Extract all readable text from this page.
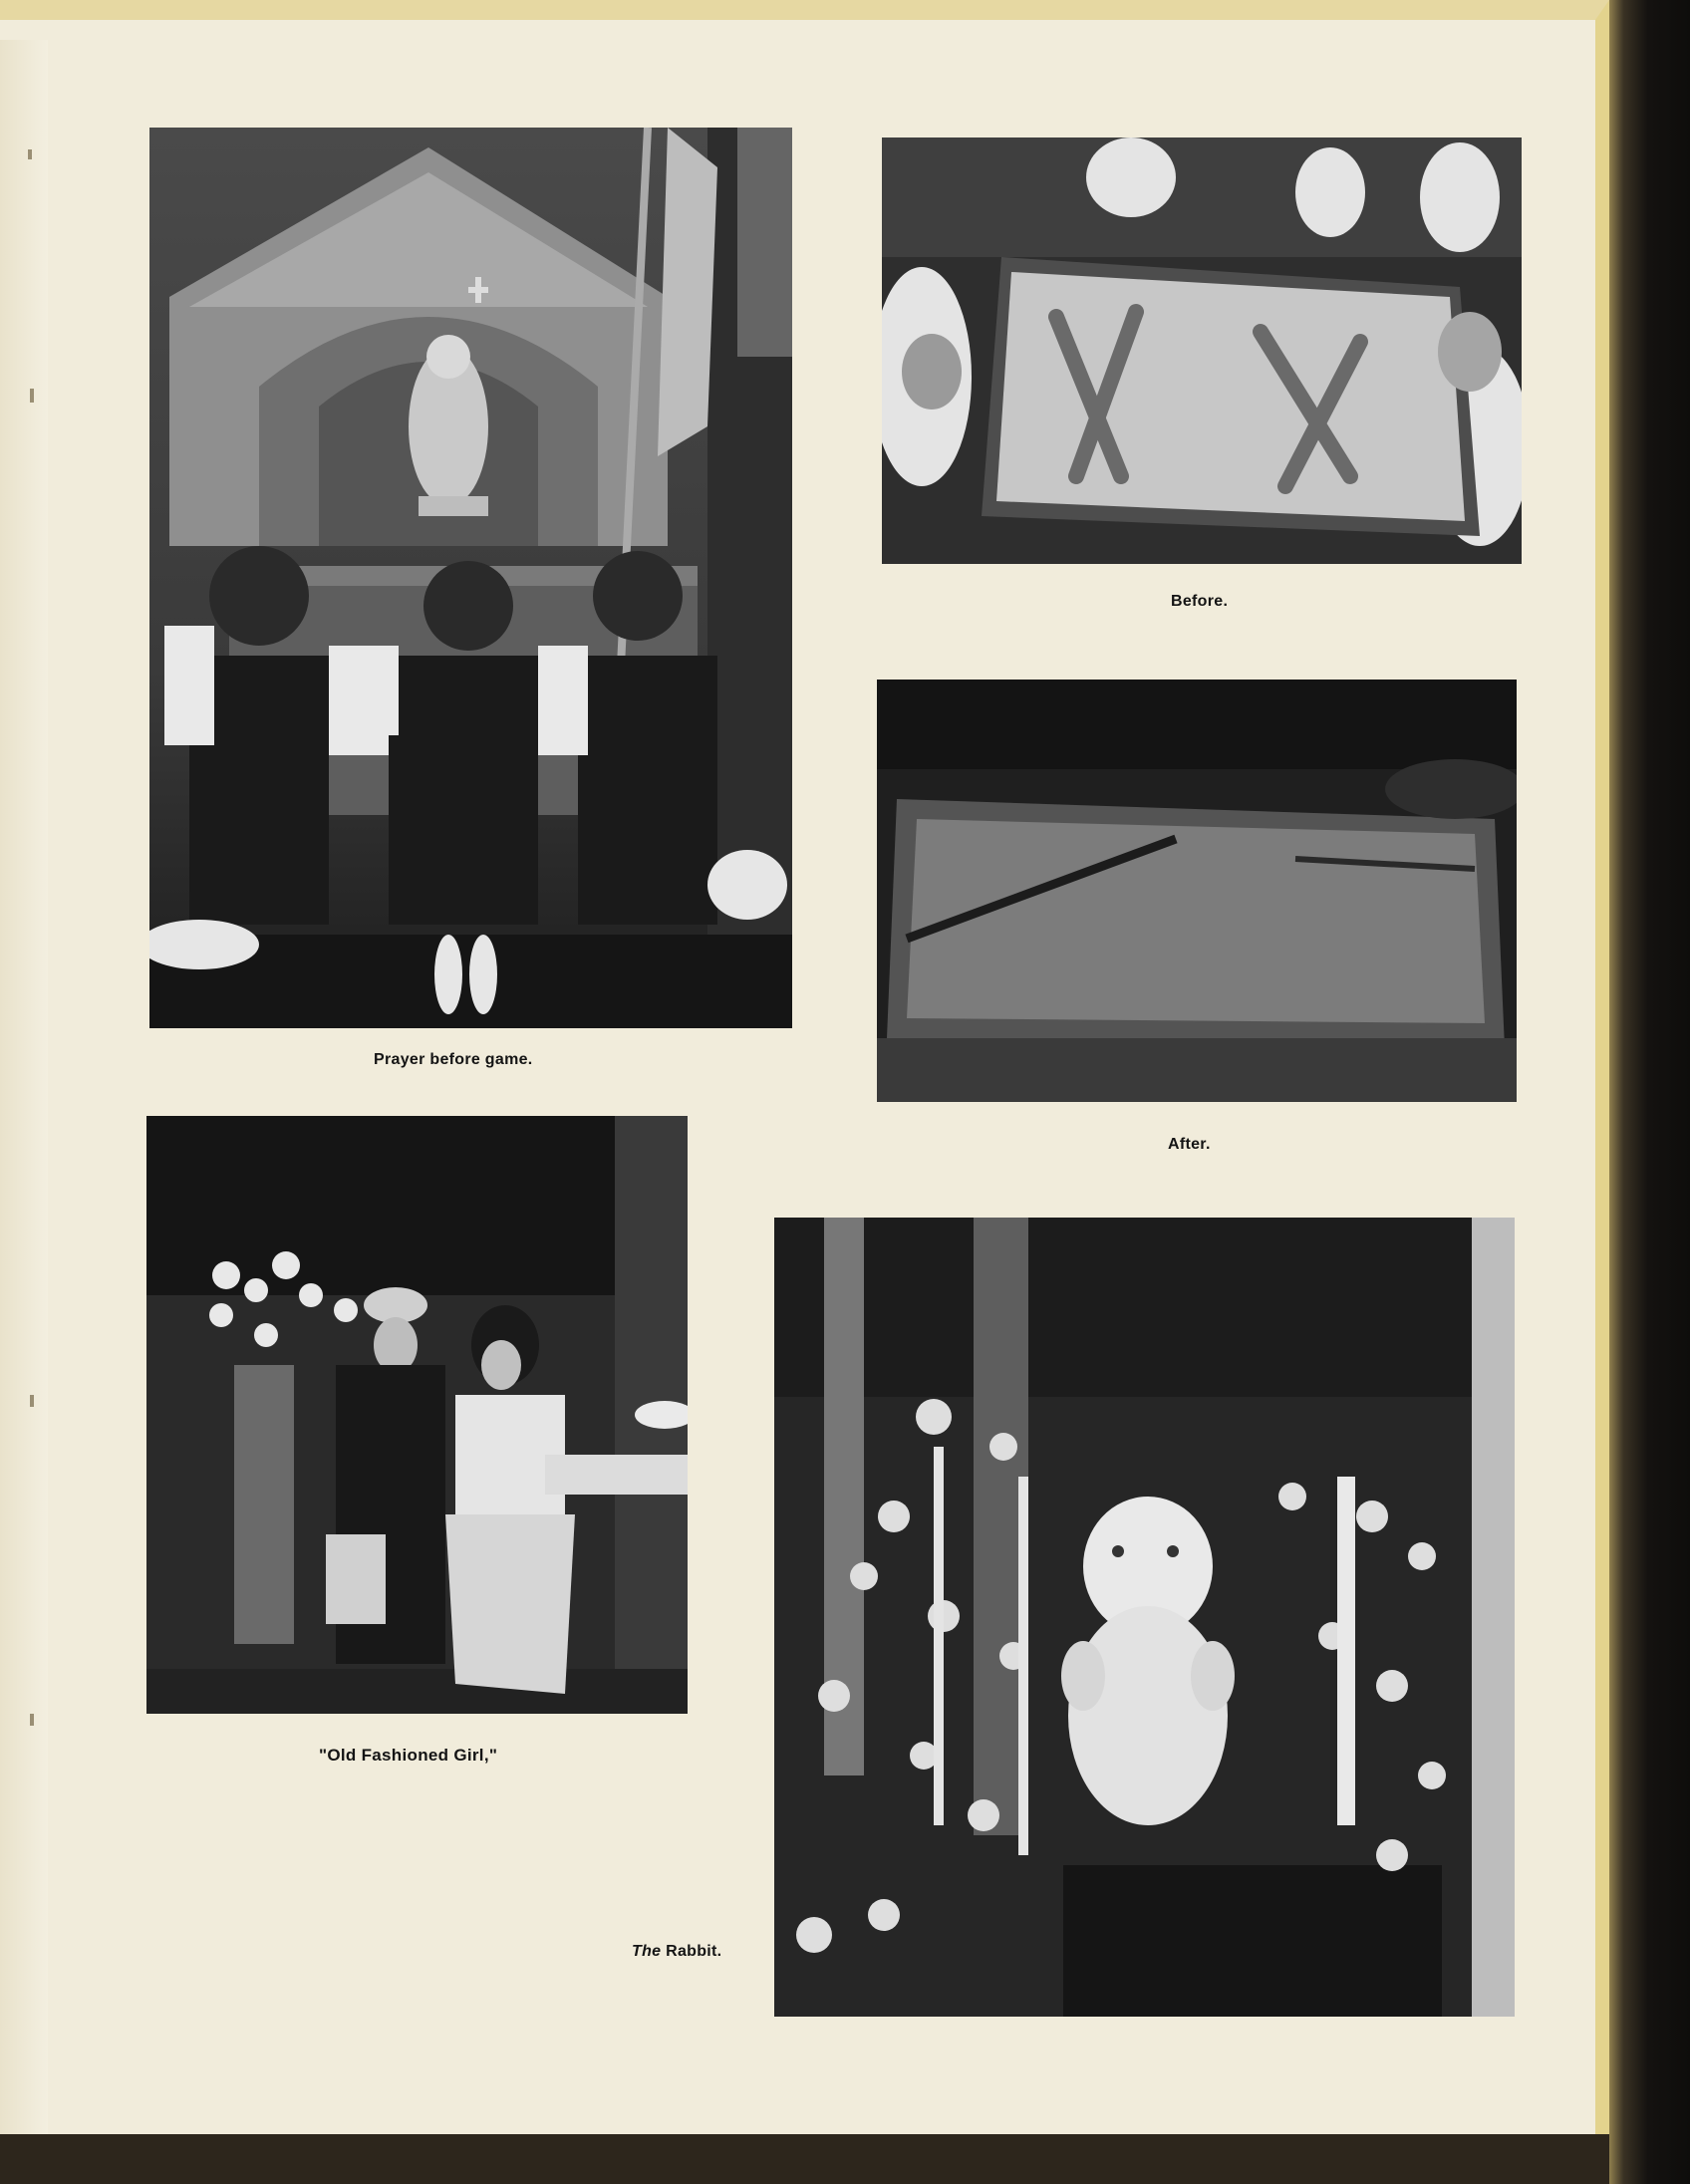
Before.
After.
Prayer before game.
"Old Fashioned Girl,"
The Rabbit.
